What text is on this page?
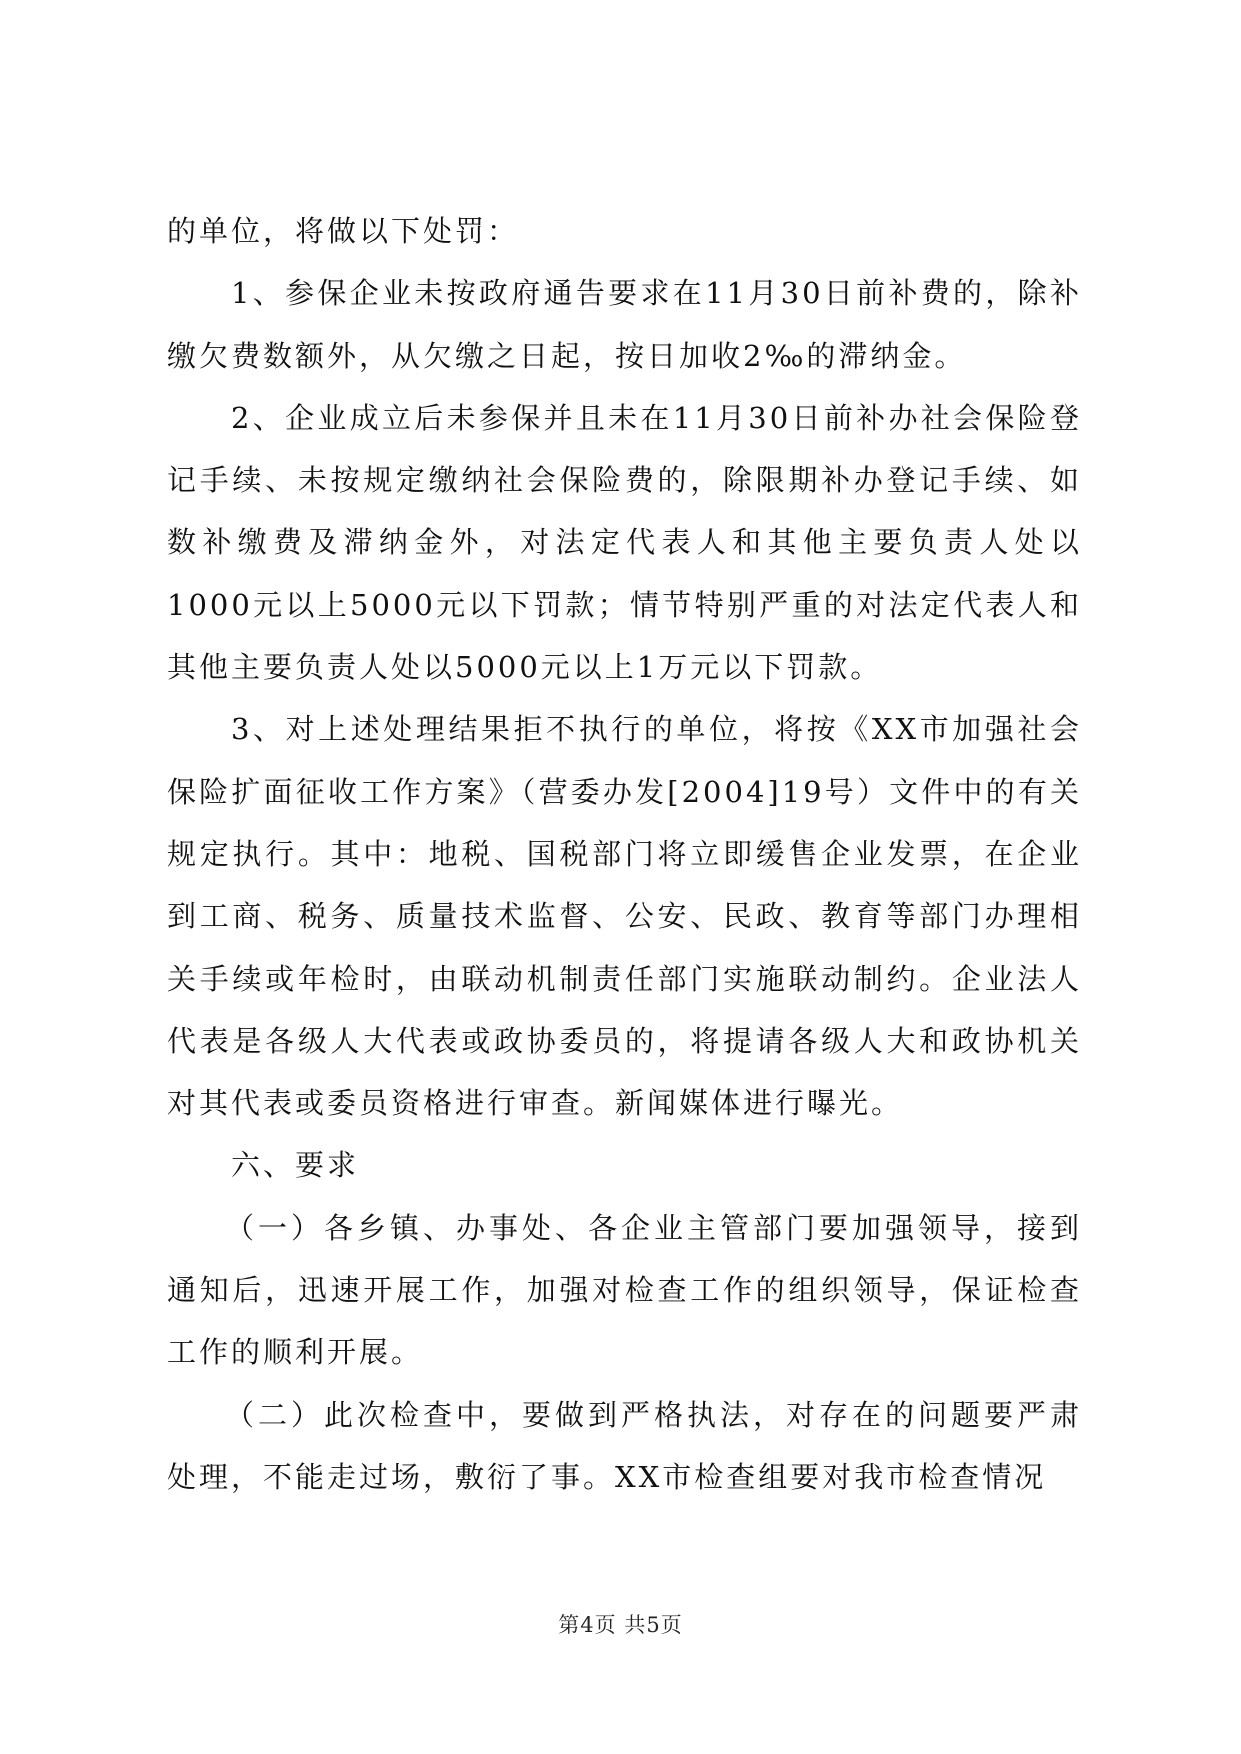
的单位，将做以下处罚：

1、参保企业未按政府通告要求在11月30日前补费的，除补缴欠费数额外，从欠缴之日起，按日加收2‰的滞纳金。

2、企业成立后未参保并且未在11月30日前补办社会保险登记手续、未按规定缴纳社会保险费的，除限期补办登记手续、如数补缴费及滞纳金外，对法定代表人和其他主要负责人处以1000元以上5000元以下罚款；情节特别严重的对法定代表人和其他主要负责人处以5000元以上1万元以下罚款。

3、对上述处理结果拒不执行的单位，将按《XX市加强社会保险扩面征收工作方案》（营委办发[2004]19号）文件中的有关规定执行。其中：地税、国税部门将立即缓售企业发票，在企业到工商、税务、质量技术监督、公安、民政、教育等部门办理相关手续或年检时，由联动机制责任部门实施联动制约。企业法人代表是各级人大代表或政协委员的，将提请各级人大和政协机关对其代表或委员资格进行审查。新闻媒体进行曝光。

六、要求

（一）各乡镇、办事处、各企业主管部门要加强领导，接到通知后，迅速开展工作，加强对检查工作的组织领导，保证检查工作的顺利开展。

（二）此次检查中，要做到严格执法，对存在的问题要严肃处理，不能走过场，敷衍了事。XX市检查组要对我市检查情况

第4页 共5页
